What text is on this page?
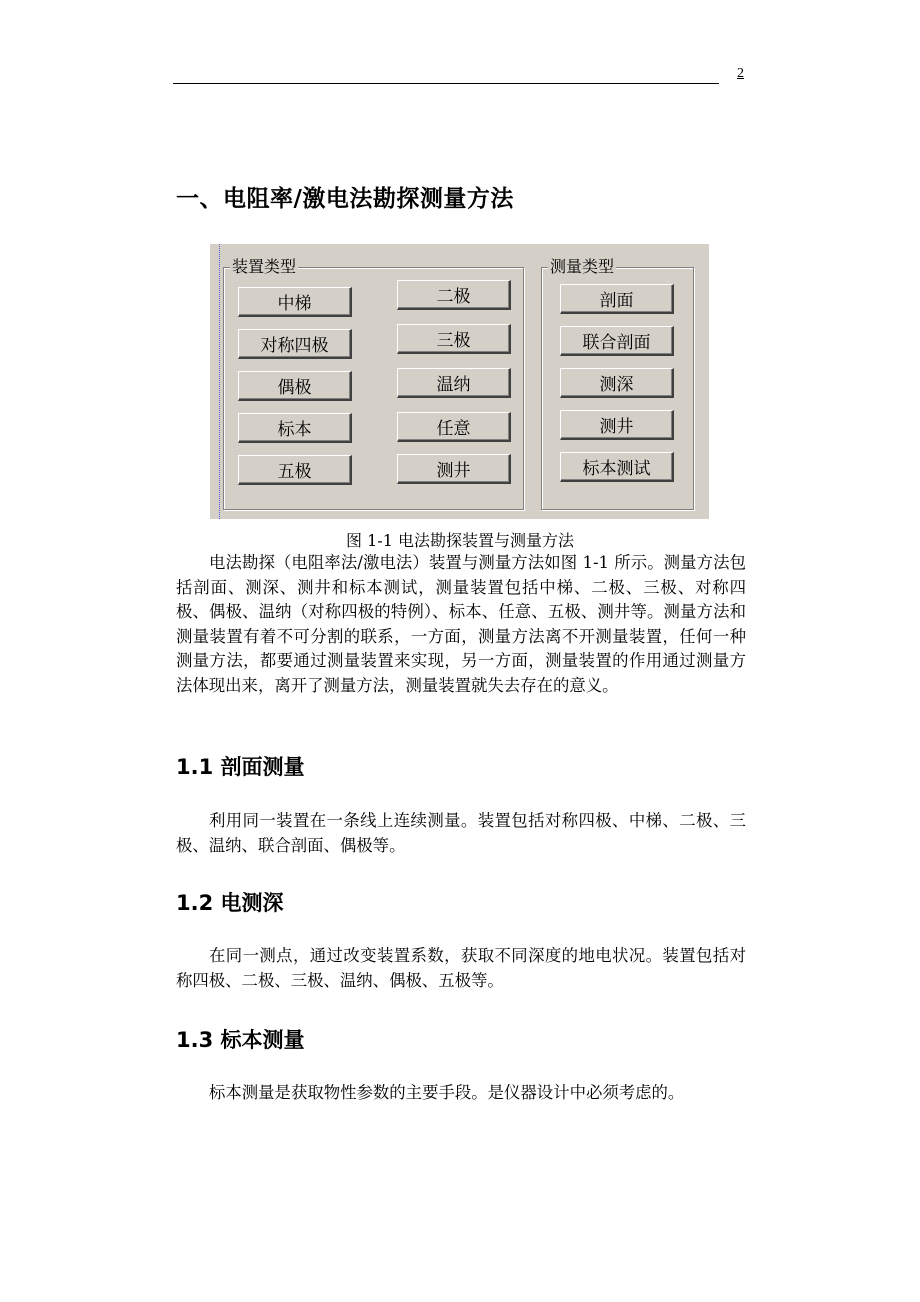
2
一、电阻率/激电法勘探测量方法
装置类型	测量类型
中梯
对称四极
偶极
标本
五极
二极
三极
温纳
任意
测井
剖面
联合剖面
测深
测井
标本测试
图 1-1 电法勘探装置与测量方法
电法勘探（电阻率法/激电法）装置与测量方法如图 1-1 所示。测量方法包括剖面、测深、测井和标本测试，测量装置包括中梯、二极、三极、对称四极、偶极、温纳（对称四极的特例）、标本、任意、五极、测井等。测量方法和测量装置有着不可分割的联系，一方面，测量方法离不开测量装置，任何一种测量方法，都要通过测量装置来实现，另一方面，测量装置的作用通过测量方法体现出来，离开了测量方法，测量装置就失去存在的意义。
1.1 剖面测量
利用同一装置在一条线上连续测量。装置包括对称四极、中梯、二极、三极、温纳、联合剖面、偶极等。
1.2 电测深
在同一测点，通过改变装置系数，获取不同深度的地电状况。装置包括对称四极、二极、三极、温纳、偶极、五极等。
1.3 标本测量
标本测量是获取物性参数的主要手段。是仪器设计中必须考虑的。
